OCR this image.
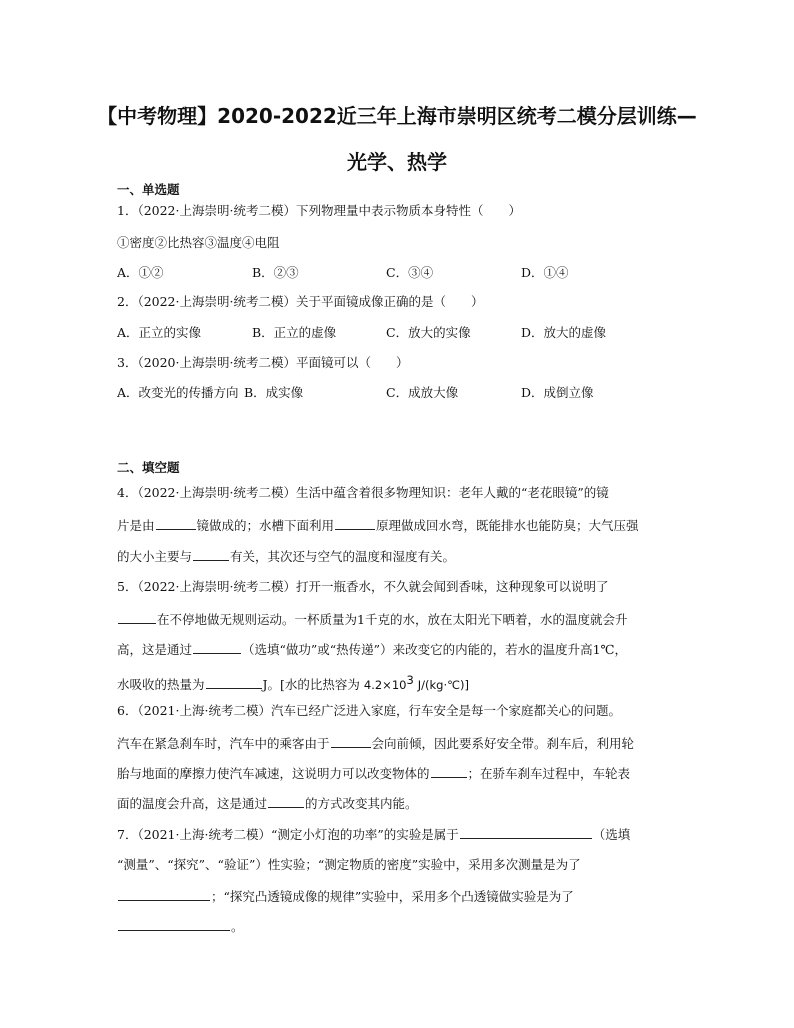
【中考物理】2020-2022近三年上海市崇明区统考二模分层训练—
光学、热学
一、单选题
1．（2022·上海崇明·统考二模）下列物理量中表示物质本身特性（　　）
①密度②比热容③温度④电阻
A．①②	B．②③	C．③④	D．①④
2．（2022·上海崇明·统考二模）关于平面镜成像正确的是（　　）
A．正立的实像	B．正立的虚像	C．放大的实像	D．放大的虚像
3．（2020·上海崇明·统考二模）平面镜可以（　　）
A．改变光的传播方向 B．成实像	C．成放大像	D．成倒立像
二、填空题
4．（2022·上海崇明·统考二模）生活中蕴含着很多物理知识：老年人戴的“老花眼镜”的镜
片是由	镜做成的；水槽下面利用	原理做成回水弯，既能排水也能防臭；大气压强
的大小主要与	有关，其次还与空气的温度和湿度有关。
5．（2022·上海崇明·统考二模）打开一瓶香水，不久就会闻到香味，这种现象可以说明了
在不停地做无规则运动。一杯质量为1千克的水，放在太阳光下晒着，水的温度就会升
高，这是通过	（选填“做功”或“热传递”）来改变它的内能的，若水的温度升高1℃，
水吸收的热量为	J。[水的比热容为 $4.2\times 10^3$ J/(kg·℃)]
6．（2021·上海·统考二模）汽车已经广泛进入家庭，行车安全是每一个家庭都关心的问题。
汽车在紧急刹车时，汽车中的乘客由于	会向前倾，因此要系好安全带。刹车后，利用轮
胎与地面的摩擦力使汽车减速，这说明力可以改变物体的	；在骄车刹车过程中，车轮表
面的温度会升高，这是通过	的方式改变其内能。
7．（2021·上海·统考二模）“测定小灯泡的功率”的实验是属于	（选填
“测量”、“探究”、“验证”）性实验；“测定物质的密度”实验中，采用多次测量是为了
；“探究凸透镜成像的规律”实验中，采用多个凸透镜做实验是为了
。
